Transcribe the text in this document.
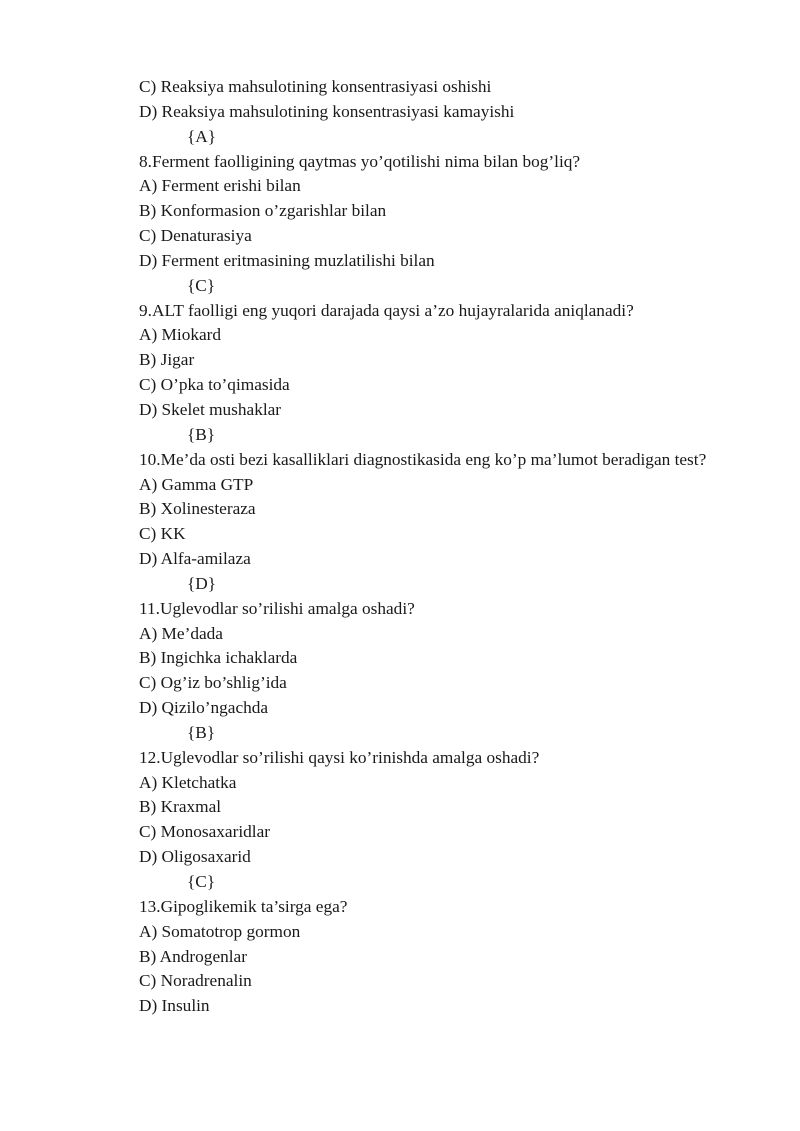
C) Reaksiya mahsulotining konsentrasiyasi oshishi
D) Reaksiya mahsulotining konsentrasiyasi kamayishi
{A}
8.Ferment faolligining qaytmas yo’qotilishi nima bilan bog’liq?
A) Ferment erishi bilan
B) Konformasion o’zgarishlar bilan
C) Denaturasiya
D) Ferment eritmasining muzlatilishi bilan
{C}
9.ALT faolligi eng yuqori darajada qaysi a’zo hujayralarida aniqlanadi?
A) Miokard
B) Jigar
C) O’pka to’qimasida
D) Skelet mushaklar
{B}
10.Me’da osti bezi kasalliklari diagnostikasida eng ko’p ma’lumot beradigan test?
A) Gamma GTP
B) Xolinesteraza
C) KK
D) Alfa-amilaza
{D}
11.Uglevodlar so’rilishi amalga oshadi?
A) Me’dada
B) Ingichka ichaklarda
C) Og’iz bo’shlig’ida
D) Qizilo’ngachda
{B}
12.Uglevodlar so’rilishi qaysi ko’rinishda amalga oshadi?
A) Kletchatka
B) Kraxmal
C) Monosaxaridlar
D) Oligosaxarid
{C}
13.Gipoglikemik ta’sirga ega?
A) Somatotrop gormon
B) Androgenlar
C) Noradrenalin
D) Insulin
